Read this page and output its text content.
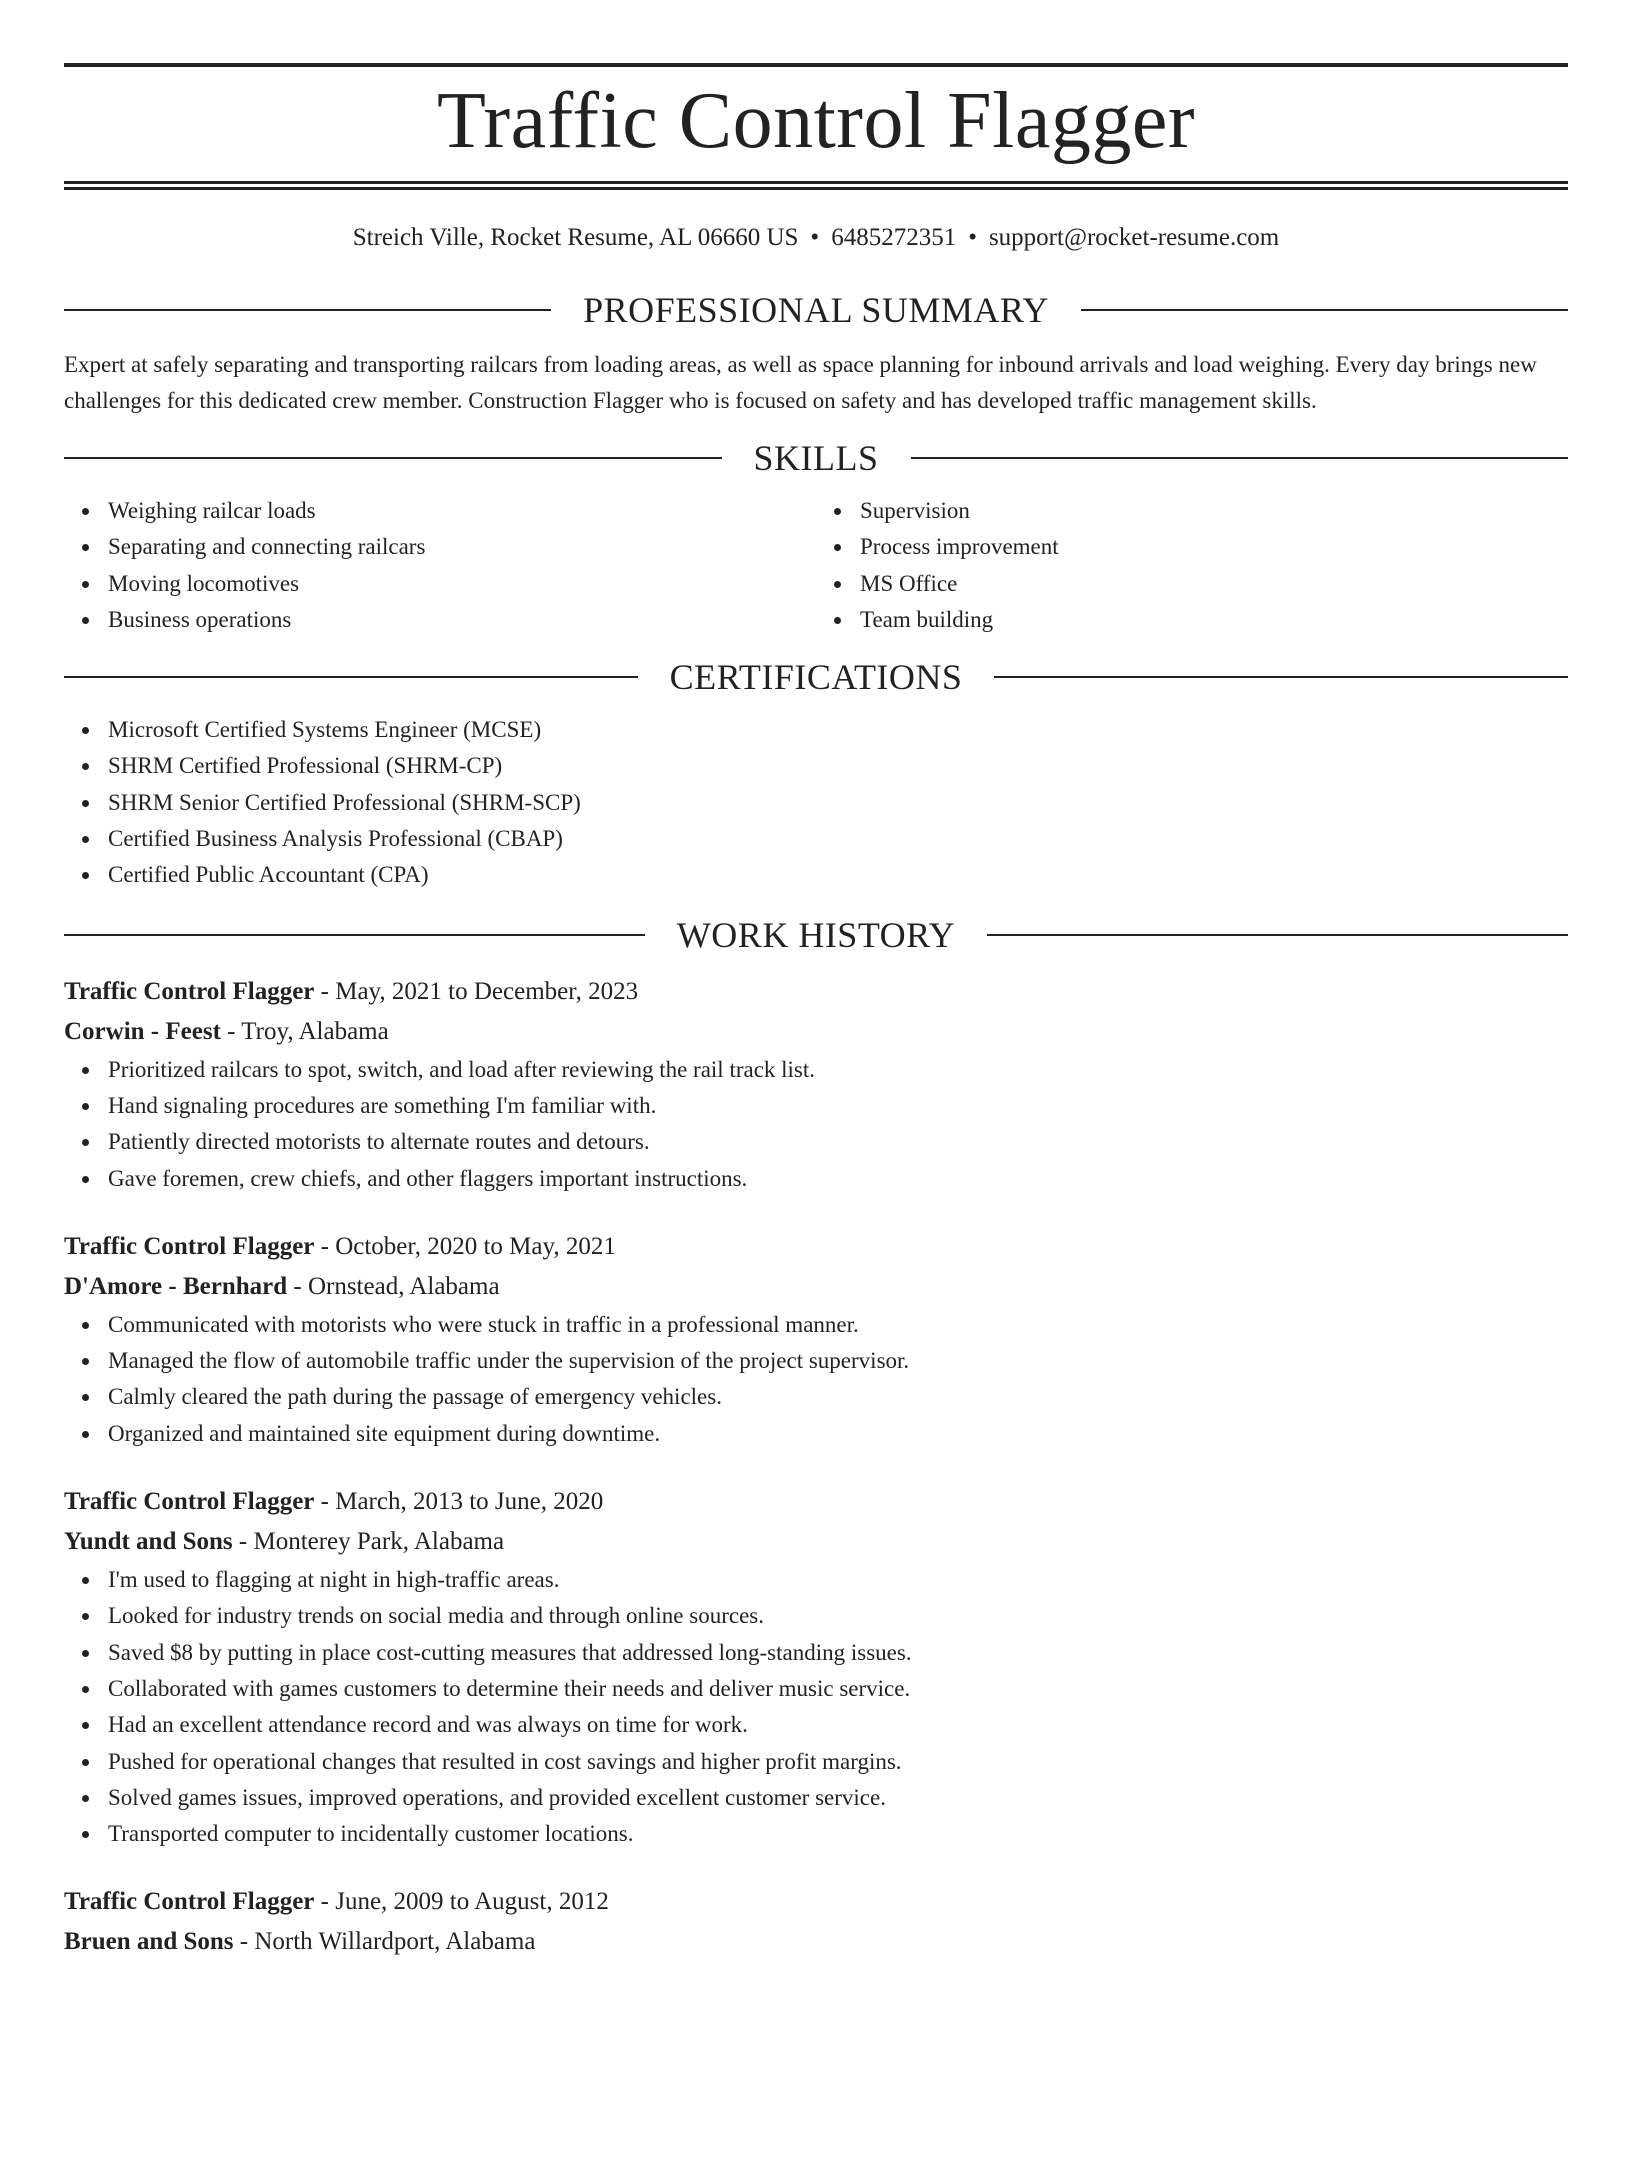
Traffic Control Flagger
Streich Ville, Rocket Resume, AL 06660 US • 6485272351 • support@rocket-resume.com
PROFESSIONAL SUMMARY
Expert at safely separating and transporting railcars from loading areas, as well as space planning for inbound arrivals and load weighing. Every day brings new challenges for this dedicated crew member. Construction Flagger who is focused on safety and has developed traffic management skills.
SKILLS
Weighing railcar loads
Separating and connecting railcars
Moving locomotives
Business operations
Supervision
Process improvement
MS Office
Team building
CERTIFICATIONS
Microsoft Certified Systems Engineer (MCSE)
SHRM Certified Professional (SHRM-CP)
SHRM Senior Certified Professional (SHRM-SCP)
Certified Business Analysis Professional (CBAP)
Certified Public Accountant (CPA)
WORK HISTORY
Traffic Control Flagger - May, 2021 to December, 2023
Corwin - Feest - Troy, Alabama
Prioritized railcars to spot, switch, and load after reviewing the rail track list.
Hand signaling procedures are something I'm familiar with.
Patiently directed motorists to alternate routes and detours.
Gave foremen, crew chiefs, and other flaggers important instructions.
Traffic Control Flagger - October, 2020 to May, 2021
D'Amore - Bernhard - Ornstead, Alabama
Communicated with motorists who were stuck in traffic in a professional manner.
Managed the flow of automobile traffic under the supervision of the project supervisor.
Calmly cleared the path during the passage of emergency vehicles.
Organized and maintained site equipment during downtime.
Traffic Control Flagger - March, 2013 to June, 2020
Yundt and Sons - Monterey Park, Alabama
I'm used to flagging at night in high-traffic areas.
Looked for industry trends on social media and through online sources.
Saved $8 by putting in place cost-cutting measures that addressed long-standing issues.
Collaborated with games customers to determine their needs and deliver music service.
Had an excellent attendance record and was always on time for work.
Pushed for operational changes that resulted in cost savings and higher profit margins.
Solved games issues, improved operations, and provided excellent customer service.
Transported computer to incidentally customer locations.
Traffic Control Flagger - June, 2009 to August, 2012
Bruen and Sons - North Willardport, Alabama
